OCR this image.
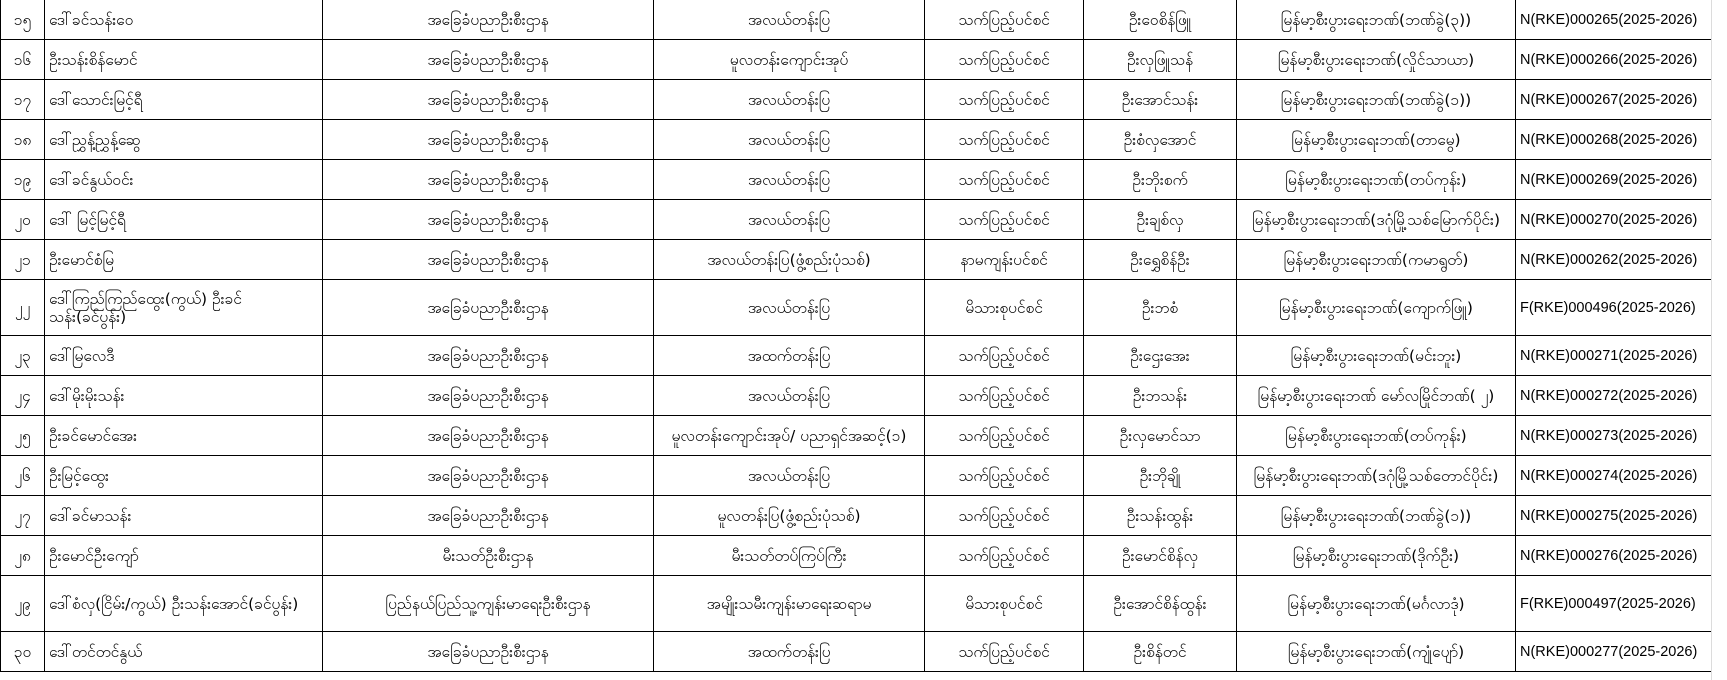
၁၅	ဒေါ်ခင်သန်းဝေ	အခြေခံပညာဦးစီးဌာန	အလယ်တန်းပြ	သက်ပြည့်ပင်စင်	ဦးဝေစိန်ဖြူ	မြန်မာ့စီးပွားရေးဘဏ်(ဘဏ်ခွဲ(၃))	N(RKE)000265(2025-2026)
၁၆	ဦးသန်းစိန်မောင်	အခြေခံပညာဦးစီးဌာန	မူလတန်းကျောင်းအုပ်	သက်ပြည့်ပင်စင်	ဦးလှဖြူသန်	မြန်မာ့စီးပွားရေးဘဏ်(လှိုင်သာယာ)	N(RKE)000266(2025-2026)
၁၇	ဒေါ်သောင်းမြင့်ရီ	အခြေခံပညာဦးစီးဌာန	အလယ်တန်းပြ	သက်ပြည့်ပင်စင်	ဦးအောင်သန်း	မြန်မာ့စီးပွားရေးဘဏ်(ဘဏ်ခွဲ(၁))	N(RKE)000267(2025-2026)
၁၈	ဒေါ်ညွှန့်ညွှန့်ဆွေ	အခြေခံပညာဦးစီးဌာန	အလယ်တန်းပြ	သက်ပြည့်ပင်စင်	ဦးစံလှအောင်	မြန်မာ့စီးပွားရေးဘဏ်(တာမွေ)	N(RKE)000268(2025-2026)
၁၉	ဒေါ်ခင်နွယ်ဝင်း	အခြေခံပညာဦးစီးဌာန	အလယ်တန်းပြ	သက်ပြည့်ပင်စင်	ဦးဘိုးစက်	မြန်မာ့စီးပွားရေးဘဏ်(တပ်ကုန်း)	N(RKE)000269(2025-2026)
၂၀	ဒေါ် မြင့်မြင့်ရီ	အခြေခံပညာဦးစီးဌာန	အလယ်တန်းပြ	သက်ပြည့်ပင်စင်	ဦးချစ်လှ	မြန်မာ့စီးပွားရေးဘဏ်(ဒဂုံမြို့သစ်မြောက်ပိုင်း)	N(RKE)000270(2025-2026)
၂၁	ဦးမောင်စံမြ	အခြေခံပညာဦးစီးဌာန	အလယ်တန်းပြ(ဖွံ့စည်းပုံသစ်)	နာမကျန်းပင်စင်	ဦးရွှေစိန်ဦး	မြန်မာ့စီးပွားရေးဘဏ်(ကမာရွတ်)	N(RKE)000262(2025-2026)
၂၂	ဒေါ်ကြည်ကြည်ထွေး(ကွယ်) ဦးခင်သန်း(ခင်ပွန်း)	အခြေခံပညာဦးစီးဌာန	အလယ်တန်းပြ	မိသားစုပင်စင်	ဦးဘစံ	မြန်မာ့စီးပွားရေးဘဏ်(ကျောက်ဖြူ)	F(RKE)000496(2025-2026)
၂၃	ဒေါ်မြလေဒီ	အခြေခံပညာဦးစီးဌာန	အထက်တန်းပြ	သက်ပြည့်ပင်စင်	ဦးဌေးအေး	မြန်မာ့စီးပွားရေးဘဏ်(မင်းဘူး)	N(RKE)000271(2025-2026)
၂၄	ဒေါ်မိုးမိုးသန်း	အခြေခံပညာဦးစီးဌာန	အလယ်တန်းပြ	သက်ပြည့်ပင်စင်	ဦးဘသန်း	မြန်မာ့စီးပွားရေးဘဏ် မော်လမြိုင်ဘဏ်( ၂)	N(RKE)000272(2025-2026)
၂၅	ဦးခင်မောင်အေး	အခြေခံပညာဦးစီးဌာန	မူလတန်းကျောင်းအုပ်/ ပညာရှင်အဆင့်(၁)	သက်ပြည့်ပင်စင်	ဦးလှမောင်သာ	မြန်မာ့စီးပွားရေးဘဏ်(တပ်ကုန်း)	N(RKE)000273(2025-2026)
၂၆	ဦးမြင့်ထွေး	အခြေခံပညာဦးစီးဌာန	အလယ်တန်းပြ	သက်ပြည့်ပင်စင်	ဦးဘိုချို	မြန်မာ့စီးပွားရေးဘဏ်(ဒဂုံမြို့သစ်တောင်ပိုင်း)	N(RKE)000274(2025-2026)
၂၇	ဒေါ်ခင်မာသန်း	အခြေခံပညာဦးစီးဌာန	မူလတန်းပြ(ဖွံ့စည်းပုံသစ်)	သက်ပြည့်ပင်စင်	ဦးသန်းထွန်း	မြန်မာ့စီးပွားရေးဘဏ်(ဘဏ်ခွဲ(၁))	N(RKE)000275(2025-2026)
၂၈	ဦးမောင်ဦးကျော်	မီးသတ်ဦးစီးဌာန	မီးသတ်တပ်ကြပ်ကြီး	သက်ပြည့်ပင်စင်	ဦးမောင်စိန်လှ	မြန်မာ့စီးပွားရေးဘဏ်(ဒိုက်ဦး)	N(RKE)000276(2025-2026)
၂၉	ဒေါ်စံလှ(ငြိမ်း/ကွယ်) ဦးသန်းအောင်(ခင်ပွန်း)	ပြည်နယ်ပြည်သူ့ကျန်းမာရေးဦးစီးဌာန	အမျိုးသမီးကျန်းမာရေးဆရာမ	မိသားစုပင်စင်	ဦးအောင်စိန်ထွန်း	မြန်မာ့စီးပွားရေးဘဏ်(မင်္ဂလာဒုံ)	F(RKE)000497(2025-2026)
၃၀	ဒေါ်တင်တင်နွယ်	အခြေခံပညာဦးစီးဌာန	အထက်တန်းပြ	သက်ပြည့်ပင်စင်	ဦးစိန်တင်	မြန်မာ့စီးပွားရေးဘဏ်(ကျုံပျော်)	N(RKE)000277(2025-2026)
